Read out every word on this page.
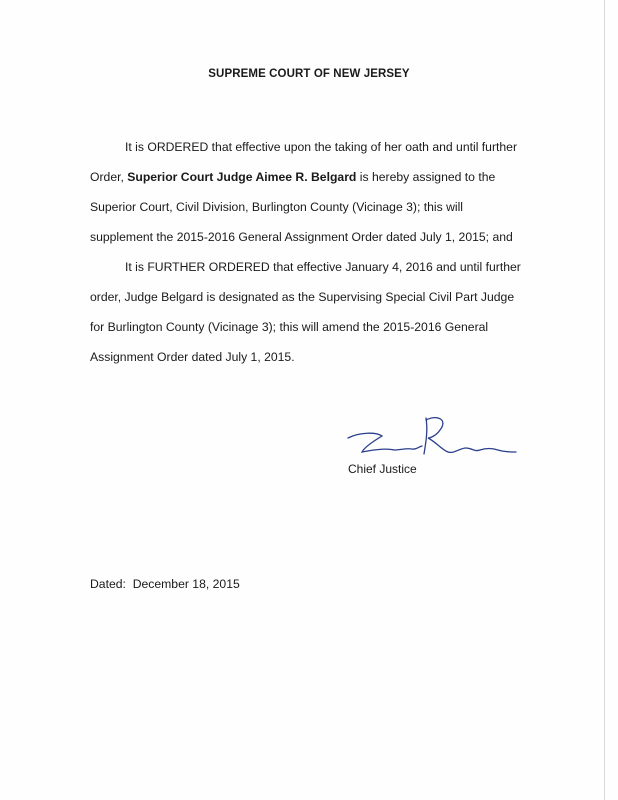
SUPREME COURT OF NEW JERSEY

It is ORDERED that effective upon the taking of her oath and until further
Order, Superior Court Judge Aimee R. Belgard is hereby assigned to the
Superior Court, Civil Division, Burlington County (Vicinage 3); this will
supplement the 2015-2016 General Assignment Order dated July 1, 2015; and

It is FURTHER ORDERED that effective January 4, 2016 and until further
order, Judge Belgard is designated as the Supervising Special Civil Part Judge
for Burlington County (Vicinage 3); this will amend the 2015-2016 General
Assignment Order dated July 1, 2015.

Chief Justice
Dated: December 18, 2015
